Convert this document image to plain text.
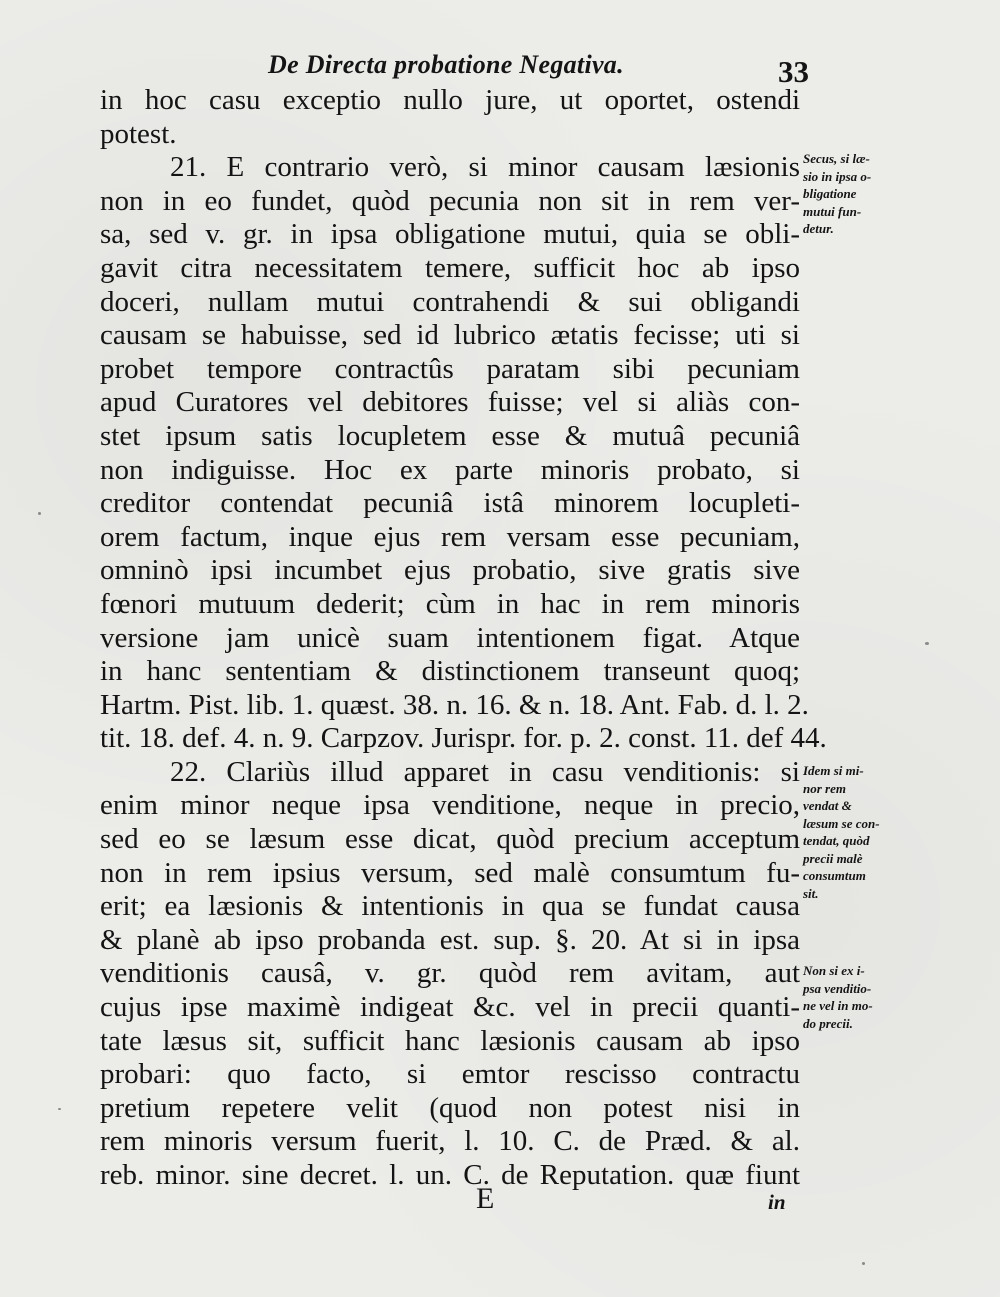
De Directa probatione Negativa.	33
in hoc casu exceptio nullo jure, ut oportet, ostendi
potest.
21. E contrario verò, si minor causam læsionis
non in eo fundet, quòd pecunia non sit in rem ver-
sa, sed v. gr. in ipsa obligatione mutui, quia se obli-
gavit citra necessitatem temere, sufficit hoc ab ipso
doceri, nullam mutui contrahendi & sui obligandi
causam se habuisse, sed id lubrico ætatis fecisse; uti si
probet tempore contractûs paratam sibi pecuniam
apud Curatores vel debitores fuisse; vel si aliàs con-
stet ipsum satis locupletem esse & mutuâ pecuniâ
non indiguisse. Hoc ex parte minoris probato, si
creditor contendat pecuniâ istâ minorem locupleti-
orem factum, inque ejus rem versam esse pecuniam,
omninò ipsi incumbet ejus probatio, sive gratis sive
fœnori mutuum dederit; cùm in hac in rem minoris
versione jam unicè suam intentionem figat. Atque
in hanc sententiam & distinctionem transeunt quoq;
Hartm. Pist. lib. 1. quæst. 38. n. 16. & n. 18. Ant. Fab. d. l. 2.
tit. 18. def. 4. n. 9. Carpzov. Jurispr. for. p. 2. const. 11. def 44.
22. Clariùs illud apparet in casu venditionis: si
enim minor neque ipsa venditione, neque in precio,
sed eo se læsum esse dicat, quòd precium acceptum
non in rem ipsius versum, sed malè consumtum fu-
erit; ea læsionis & intentionis in qua se fundat causa
& planè ab ipso probanda est. sup. §. 20. At si in ipsa
venditionis causâ, v. gr. quòd rem avitam, aut
cujus ipse maximè indigeat &c. vel in precii quanti-
tate læsus sit, sufficit hanc læsionis causam ab ipso
probari: quo facto, si emtor rescisso contractu
pretium repetere velit (quod non potest nisi in
rem minoris versum fuerit, l. 10. C. de Præd. & al.
reb. minor. sine decret. l. un. C. de Reputation. quæ fiunt
Secus, si læ-
sio in ipsa o-
bligatione
mutui fun-
detur.
Idem si mi-
nor rem
vendat &
læsum se con-
tendat, quòd
precii malè
consumtum
sit.
Non si ex i-
psa venditio-
ne vel in mo-
do precii.
E	in
